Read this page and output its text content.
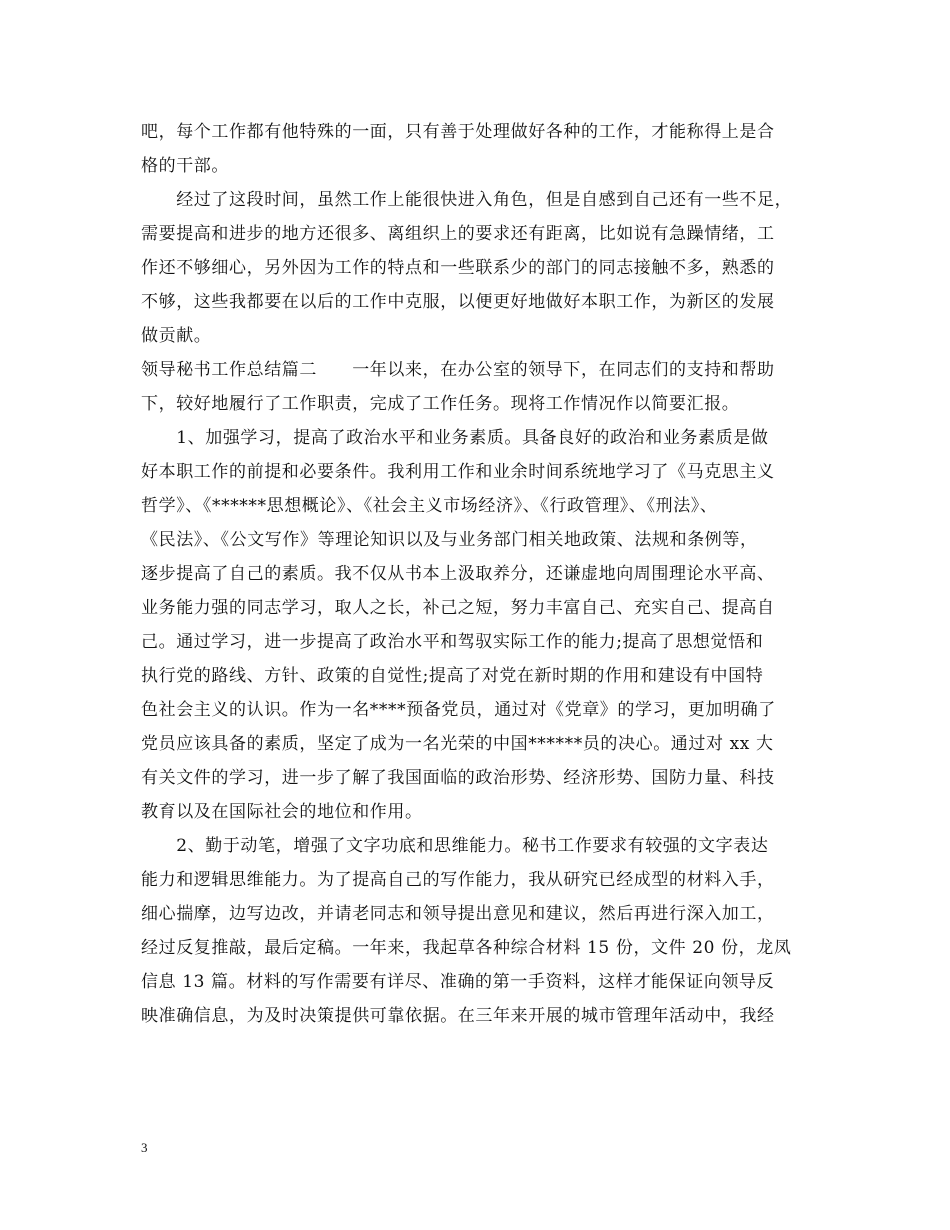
吧，每个工作都有他特殊的一面，只有善于处理做好各种的工作，才能称得上是合
格的干部。
　　经过了这段时间，虽然工作上能很快进入角色，但是自感到自己还有一些不足，
需要提高和进步的地方还很多、离组织上的要求还有距离，比如说有急躁情绪，工
作还不够细心，另外因为工作的特点和一些联系少的部门的同志接触不多，熟悉的
不够，这些我都要在以后的工作中克服，以便更好地做好本职工作，为新区的发展
做贡献。
领导秘书工作总结篇二　　一年以来，在办公室的领导下，在同志们的支持和帮助
下，较好地履行了工作职责，完成了工作任务。现将工作情况作以简要汇报。
　　1、加强学习，提高了政治水平和业务素质。具备良好的政治和业务素质是做
好本职工作的前提和必要条件。我利用工作和业余时间系统地学习了《马克思主义
哲学》、《******思想概论》、《社会主义市场经济》、《行政管理》、《刑法》、
《民法》、《公文写作》等理论知识以及与业务部门相关地政策、法规和条例等，
逐步提高了自己的素质。我不仅从书本上汲取养分，还谦虚地向周围理论水平高、
业务能力强的同志学习，取人之长，补己之短，努力丰富自己、充实自己、提高自
己。通过学习，进一步提高了政治水平和驾驭实际工作的能力;提高了思想觉悟和
执行党的路线、方针、政策的自觉性;提高了对党在新时期的作用和建设有中国特
色社会主义的认识。作为一名****预备党员，通过对《党章》的学习，更加明确了
党员应该具备的素质，坚定了成为一名光荣的中国******员的决心。通过对 xx 大
有关文件的学习，进一步了解了我国面临的政治形势、经济形势、国防力量、科技
教育以及在国际社会的地位和作用。
　　2、勤于动笔，增强了文字功底和思维能力。秘书工作要求有较强的文字表达
能力和逻辑思维能力。为了提高自己的写作能力，我从研究已经成型的材料入手，
细心揣摩，边写边改，并请老同志和领导提出意见和建议，然后再进行深入加工，
经过反复推敲，最后定稿。一年来，我起草各种综合材料 15 份，文件 20 份，龙凤
信息 13 篇。材料的写作需要有详尽、准确的第一手资料，这样才能保证向领导反
映准确信息，为及时决策提供可靠依据。在三年来开展的城市管理年活动中，我经
3
